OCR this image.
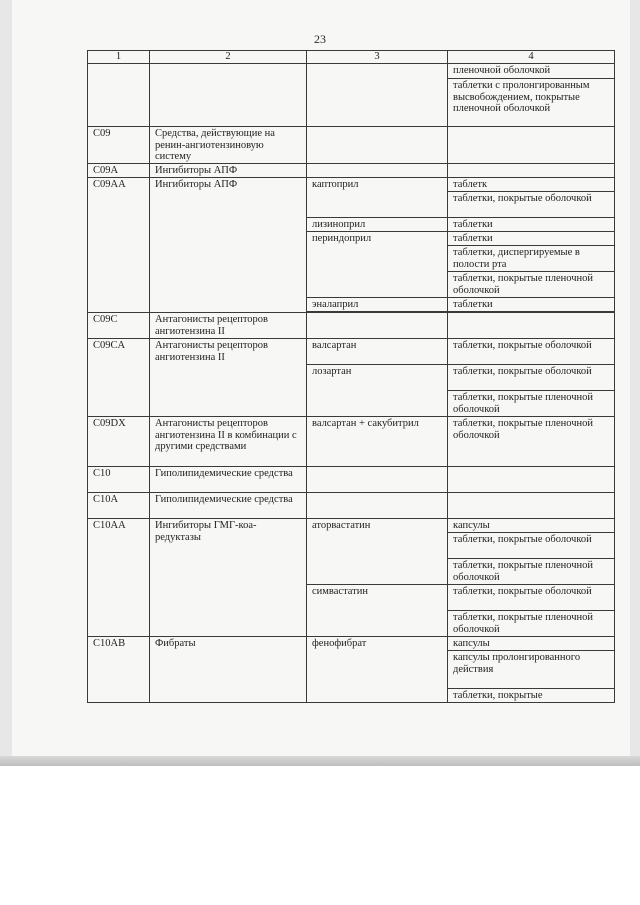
23
1	2	3	4
			пленочной оболочкой
			таблетки с пролонгированным высвобождением, покрытые пленочной оболочкой
C09	Средства, действующие на ренин-ангиотензиновую систему		
C09A	Ингибиторы АПФ		
C09AA	Ингибиторы АПФ	каптоприл	таблетк
			таблетки, покрытые оболочкой
		лизиноприл	таблетки
		периндоприл	таблетки
			таблетки, диспергируемые в полости рта
			таблетки, покрытые пленочной оболочкой
		эналаприл	таблетки

C09C	Антагонисты рецепторов ангиотензина II		
C09CA	Антагонисты рецепторов ангиотензина II	валсартан	таблетки, покрытые оболочкой
		лозартан	таблетки, покрытые оболочкой
			таблетки, покрытые пленочной оболочкой
C09DX	Антагонисты рецепторов ангиотензина II в комбинации с другими средствами	валсартан + сакубитрил	таблетки, покрытые пленочной оболочкой
C10	Гиполипидемические средства		
C10A	Гиполипидемические средства		
C10AA	Ингибиторы ГМГ-коа-редуктазы	аторвастатин	капсулы
			таблетки, покрытые оболочкой
			таблетки, покрытые пленочной оболочкой
		симвастатин	таблетки, покрытые оболочкой
			таблетки, покрытые пленочной оболочкой
C10AB	Фибраты	фенофибрат	капсулы
			капсулы пролонгированного действия
			таблетки, покрытые
